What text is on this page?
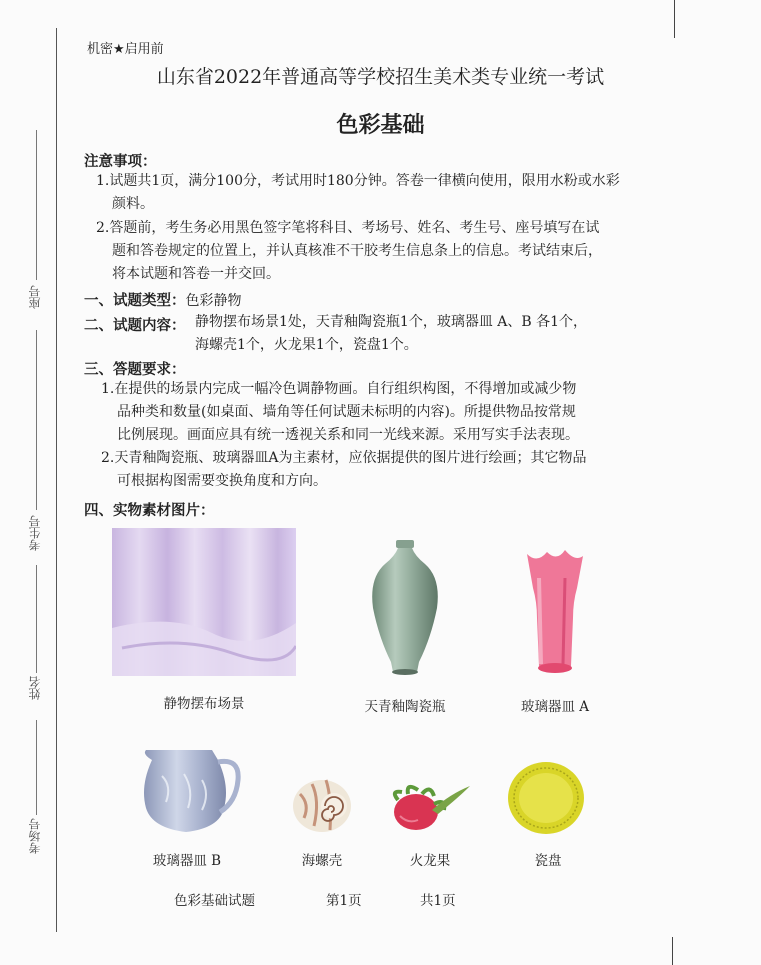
座号
考生号
姓名
考场号
机密★启用前
山东省2022年普通高等学校招生美术类专业统一考试
色彩基础
注意事项：
1.试题共1页，满分100分，考试用时180分钟。答卷一律横向使用，限用水粉或水彩
颜料。
2.答题前，考生务必用黑色签字笔将科目、考场号、姓名、考生号、座号填写在试
题和答卷规定的位置上，并认真核准不干胶考生信息条上的信息。考试结束后，
将本试题和答卷一并交回。
一、试题类型：色彩静物
二、试题内容： 静物摆布场景1处，天青釉陶瓷瓶1个，玻璃器皿 A、B 各1个，
海螺壳1个，火龙果1个，瓷盘1个。
三、答题要求：
1.在提供的场景内完成一幅冷色调静物画。自行组织构图，不得增加或减少物
品种类和数量(如桌面、墙角等任何试题未标明的内容)。所提供物品按常规
比例展现。画面应具有统一透视关系和同一光线来源。采用写实手法表现。
2.天青釉陶瓷瓶、玻璃器皿A为主素材，应依据提供的图片进行绘画；其它物品
可根据构图需要变换角度和方向。
四、实物素材图片：
静物摆布场景	天青釉陶瓷瓶	玻璃器皿 A
玻璃器皿 B	海螺壳	火龙果	瓷盘
色彩基础试题	第1页	共1页
